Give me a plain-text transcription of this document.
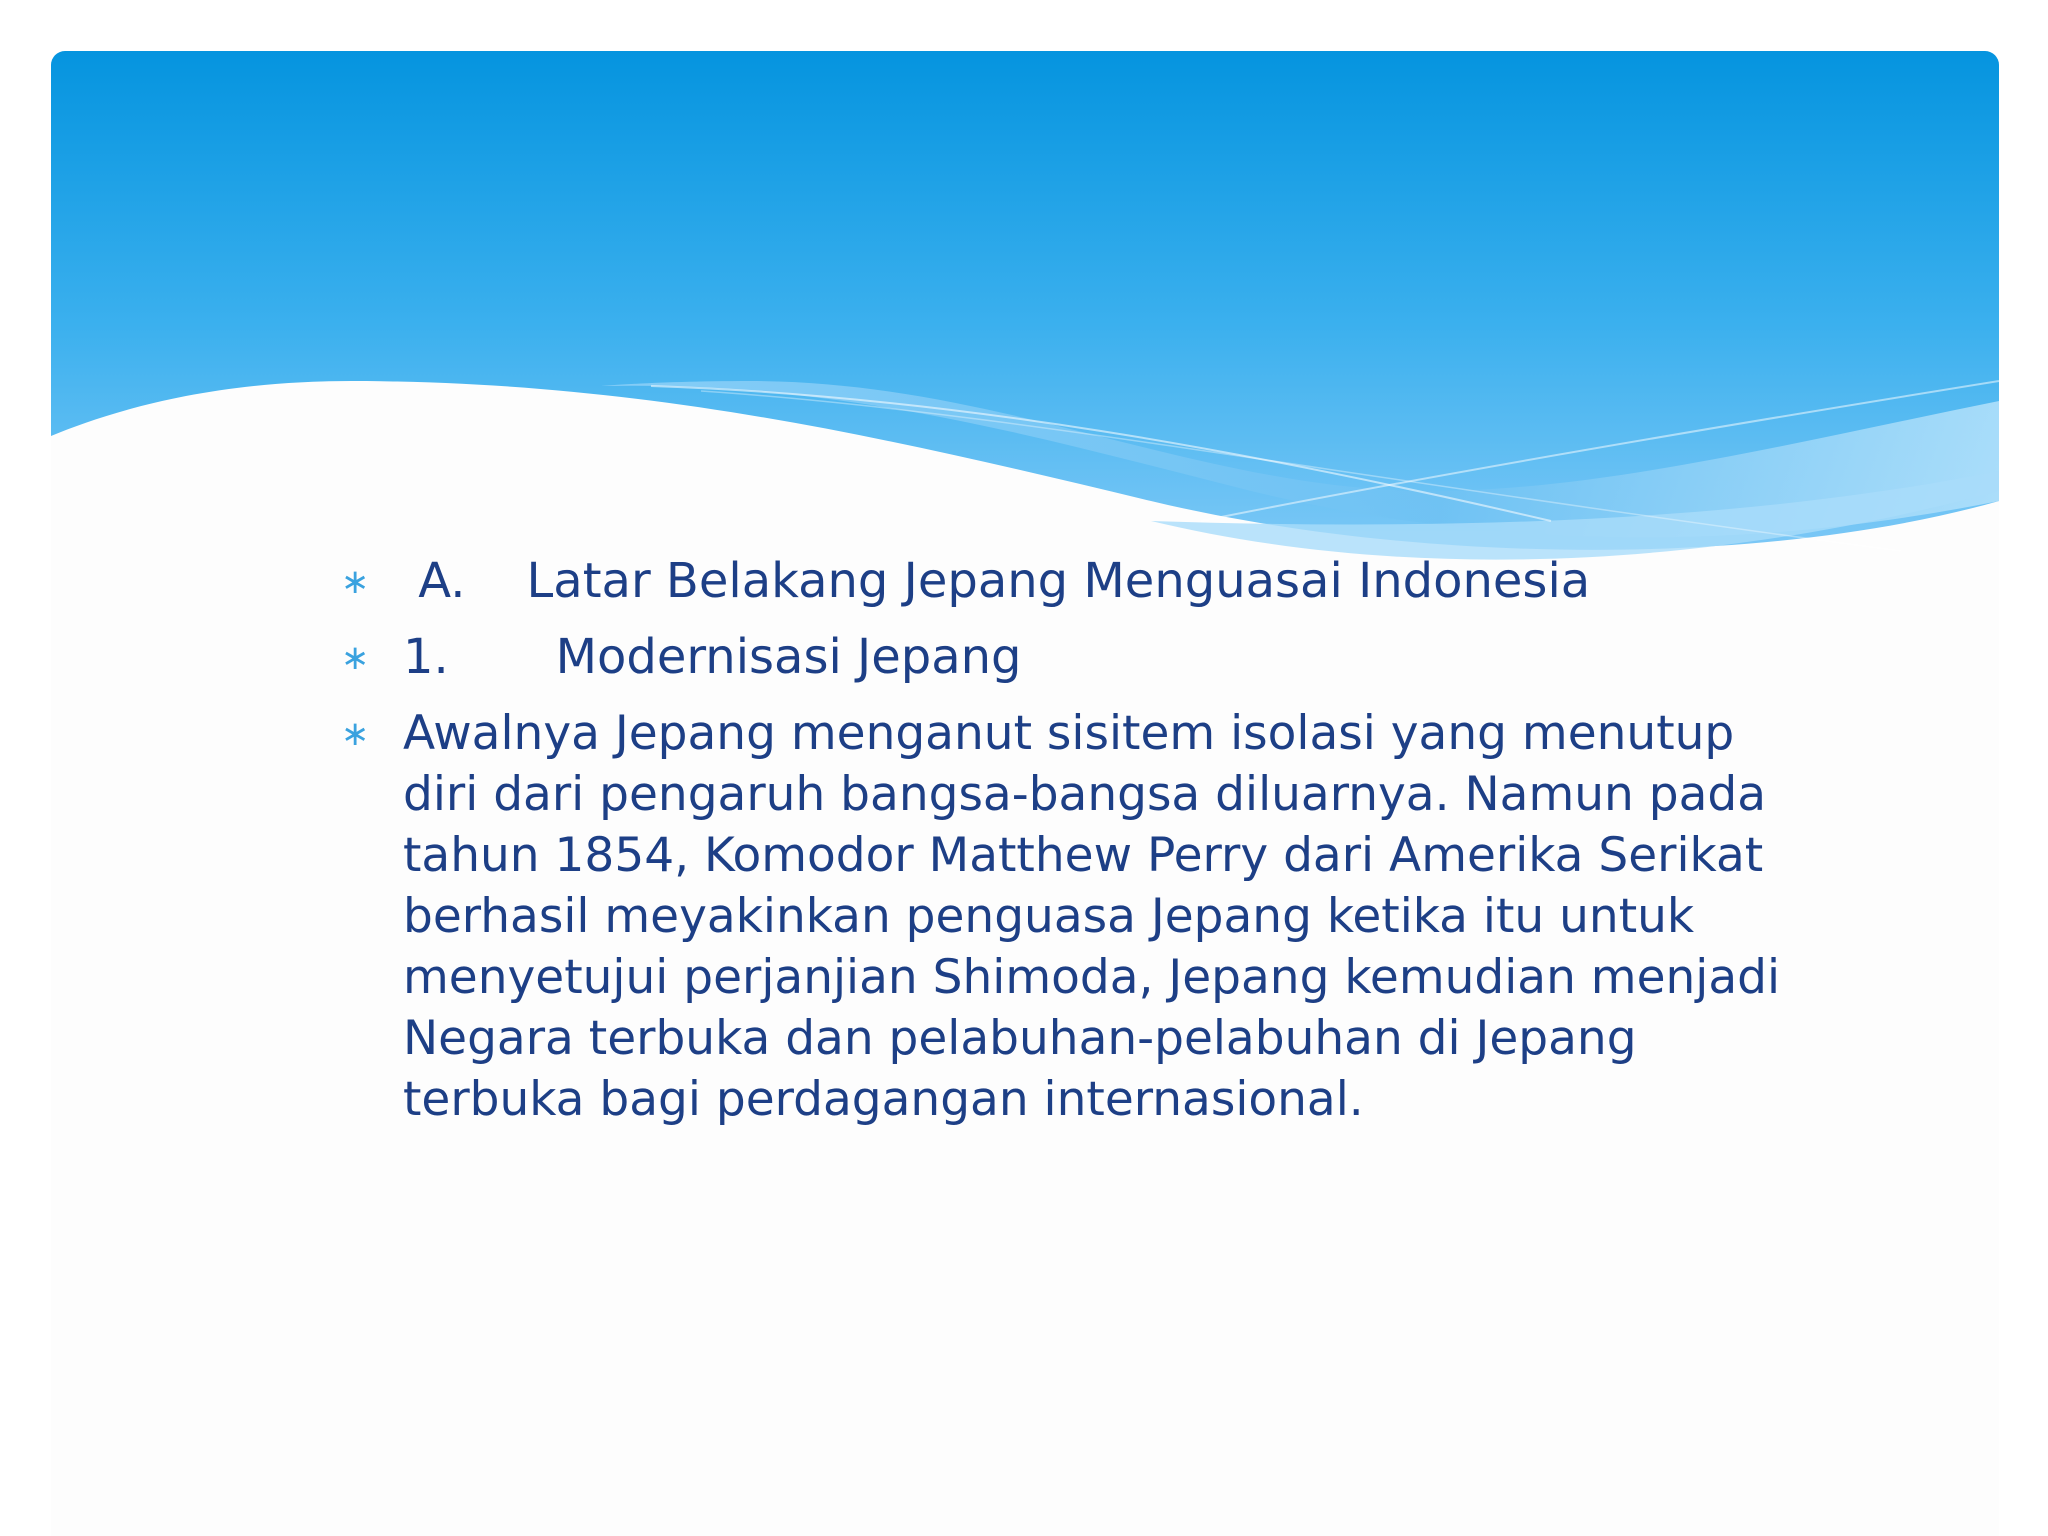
∗ A.    Latar Belakang Jepang Menguasai Indonesia
∗ 1.       Modernisasi Jepang
∗ Awalnya Jepang menganut sisitem isolasi yang menutup diri dari pengaruh bangsa-bangsa diluarnya. Namun pada tahun 1854, Komodor Matthew Perry dari Amerika Serikat berhasil meyakinkan penguasa Jepang ketika itu untuk menyetujui perjanjian Shimoda, Jepang kemudian menjadi Negara terbuka dan pelabuhan-pelabuhan di Jepang terbuka bagi perdagangan internasional.
